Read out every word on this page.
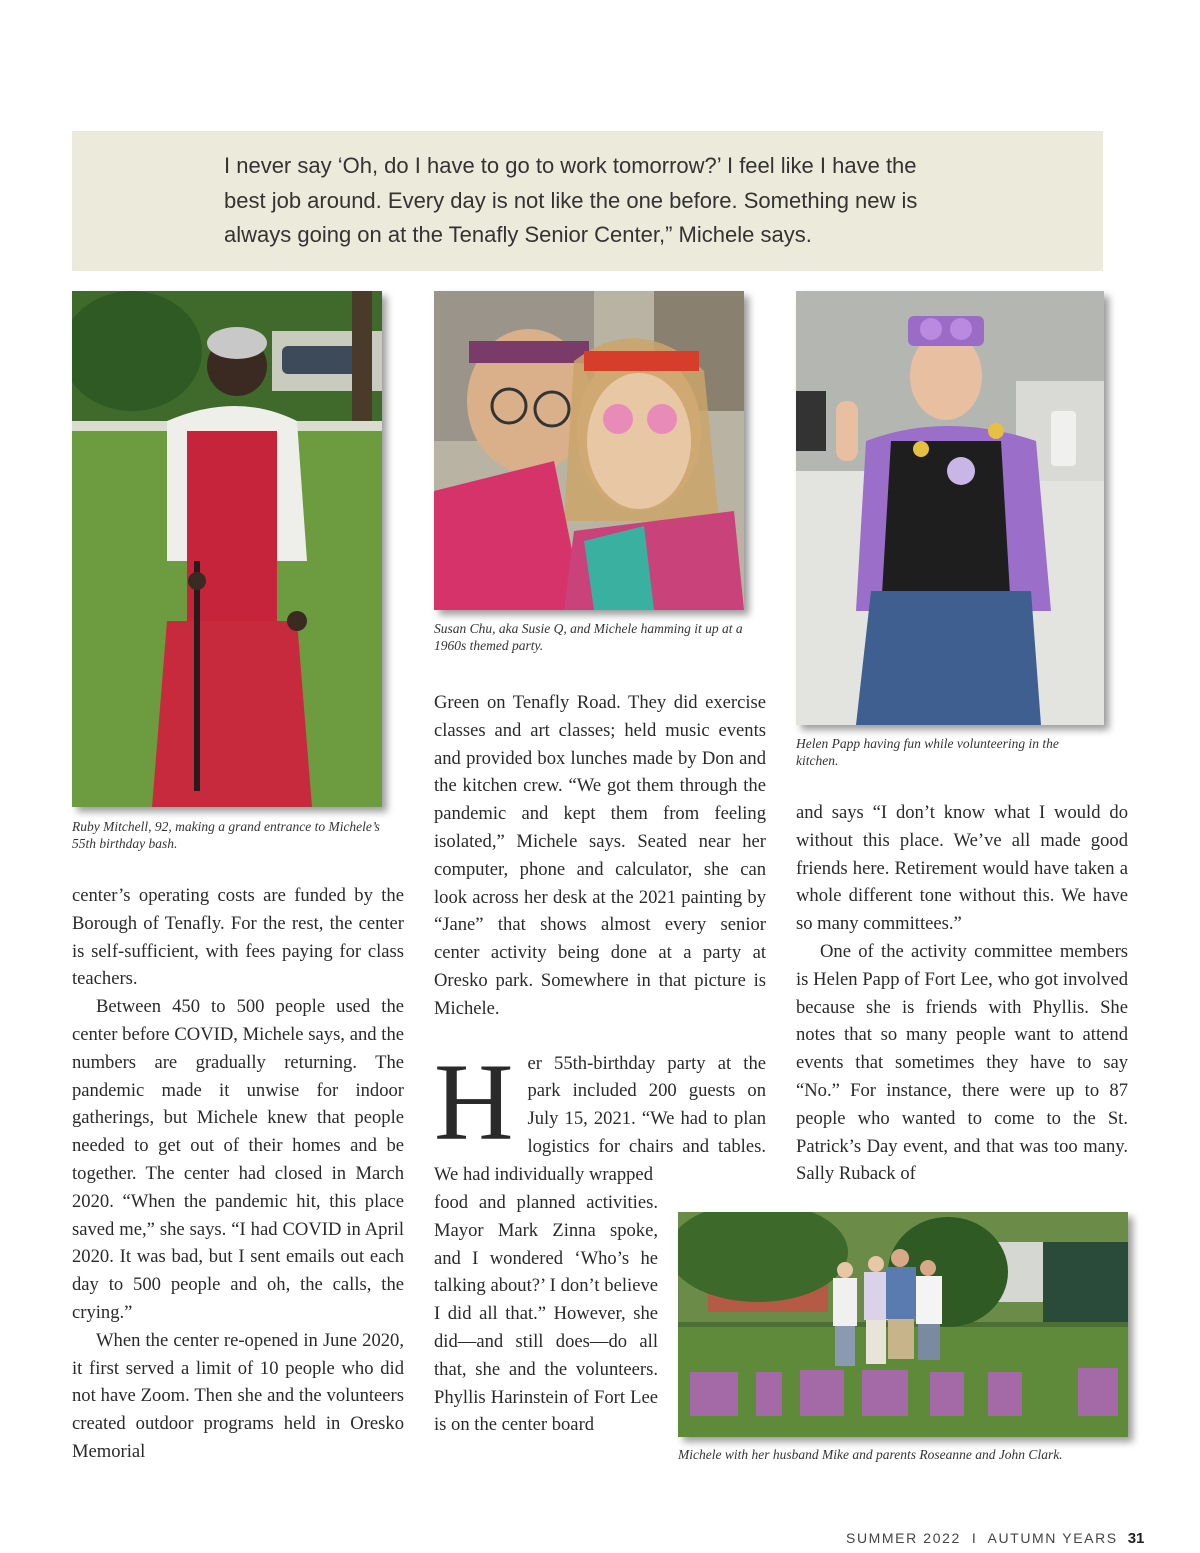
I never say ‘Oh, do I have to go to work tomorrow?’ I feel like I have the best job around. Every day is not like the one before. Something new is always going on at the Tenafly Senior Center,” Michele says.

Ruby Mitchell, 92, making a grand entrance to Michele’s 55th birthday bash.

Susan Chu, aka Susie Q, and Michele hamming it up at a 1960s themed party.

Helen Papp having fun while volunteering in the kitchen.

Michele with her husband Mike and parents Roseanne and John Clark.

center’s operating costs are funded by the Borough of Tenafly. For the rest, the center is self-sufficient, with fees paying for class teachers.

Between 450 to 500 people used the center before COVID, Michele says, and the numbers are gradually returning. The pandemic made it unwise for indoor gatherings, but Michele knew that people needed to get out of their homes and be together. The center had closed in March 2020. “When the pandemic hit, this place saved me,” she says. “I had COVID in April 2020. It was bad, but I sent emails out each day to 500 people and oh, the calls, the crying.”

When the center re-opened in June 2020, it first served a limit of 10 people who did not have Zoom. Then she and the volunteers created outdoor programs held in Oresko Memorial

Green on Tenafly Road. They did exercise classes and art classes; held music events and provided box lunches made by Don and the kitchen crew. “We got them through the pandemic and kept them from feeling isolated,” Michele says. Seated near her computer, phone and calculator, she can look across her desk at the 2021 painting by “Jane” that shows almost every senior center activity being done at a party at Oresko park. Somewhere in that picture is Michele.

Her 55th-birthday party at the park included 200 guests on July 15, 2021. “We had to plan logistics for chairs and tables. We had individually wrapped

food and planned activities. Mayor Mark Zinna spoke, and I wondered ‘Who’s he talking about?’ I don’t believe I did all that.” However, she did—and still does—do all that, she and the volunteers. Phyllis Harinstein of Fort Lee is on the center board

and says “I don’t know what I would do without this place. We’ve all made good friends here. Retirement would have taken a whole different tone without this. We have so many committees.”

One of the activity committee members is Helen Papp of Fort Lee, who got involved because she is friends with Phyllis. She notes that so many people want to attend events that sometimes they have to say “No.” For instance, there were up to 87 people who wanted to come to the St. Patrick’s Day event, and that was too many. Sally Ruback of

SUMMER 2022  I  AUTUMN YEARS 31
